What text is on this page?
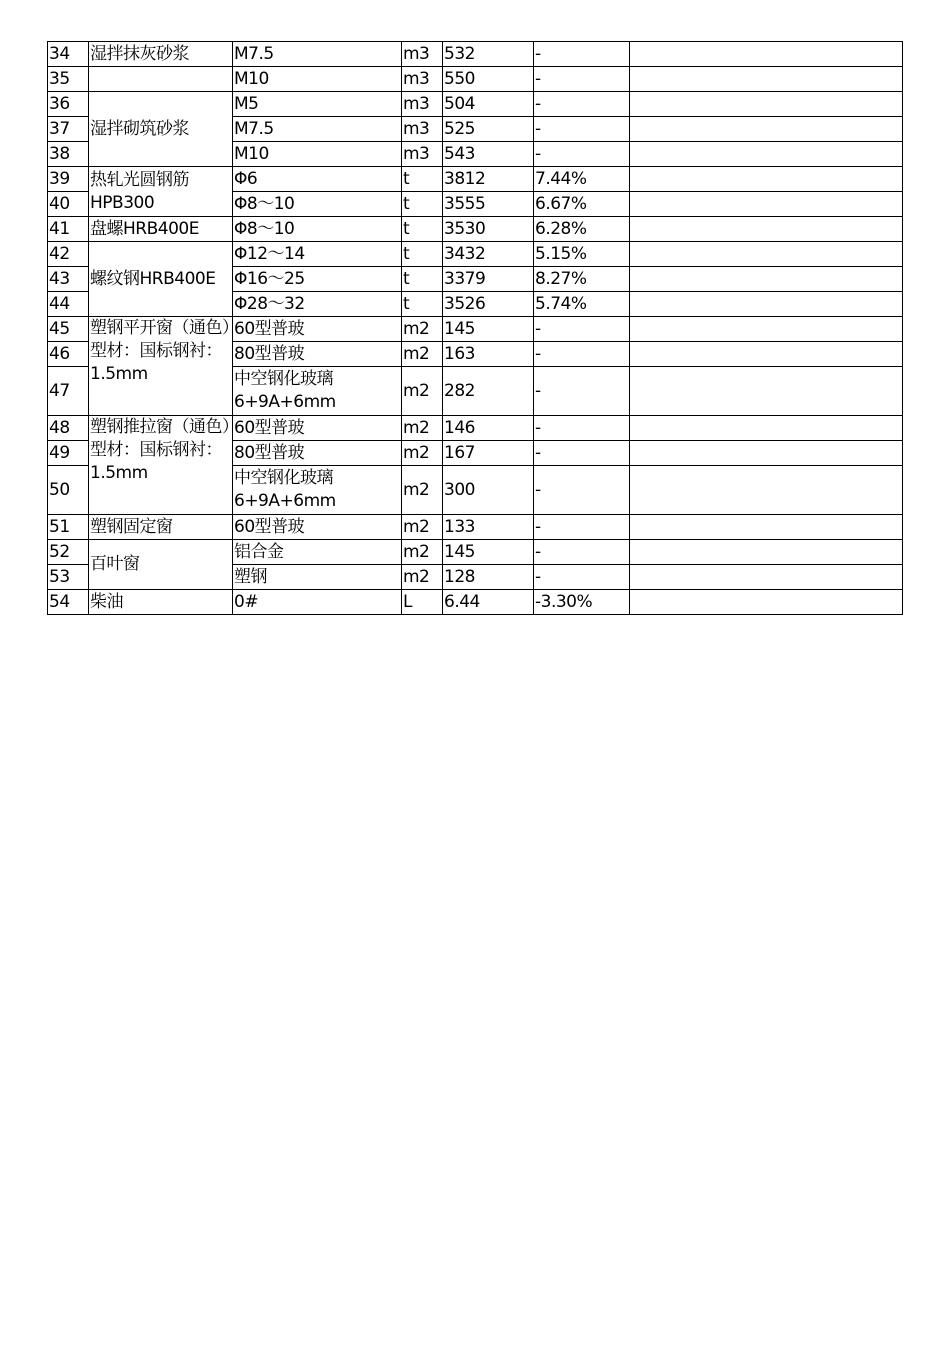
34	湿拌抹灰砂浆	M7.5	m3	532	-	
35		M10	m3	550	-	
36	湿拌砌筑砂浆	M5	m3	504	-	
37		M7.5	m3	525	-	
38		M10	m3	543	-	
39	热轧光圆钢筋HPB300	Φ6	t	3812	7.44%	
40		Φ8～10	t	3555	6.67%	
41	盘螺HRB400E	Φ8～10	t	3530	6.28%	
42	螺纹钢HRB400E	Φ12～14	t	3432	5.15%	
43		Φ16～25	t	3379	8.27%	
44		Φ28～32	t	3526	5.74%	
45	塑钢平开窗（通色）型材：国标钢衬：1.5mm	60型普玻	m2	145	-	
46		80型普玻	m2	163	-	
47		中空钢化玻璃6+9A+6mm	m2	282	-	
48	塑钢推拉窗（通色）型材：国标钢衬：1.5mm	60型普玻	m2	146	-	
49		80型普玻	m2	167	-	
50		中空钢化玻璃6+9A+6mm	m2	300	-	
51	塑钢固定窗	60型普玻	m2	133	-	
52	百叶窗	铝合金	m2	145	-	
53		塑钢	m2	128	-	
54	柴油	0#	L	6.44	-3.30%	
